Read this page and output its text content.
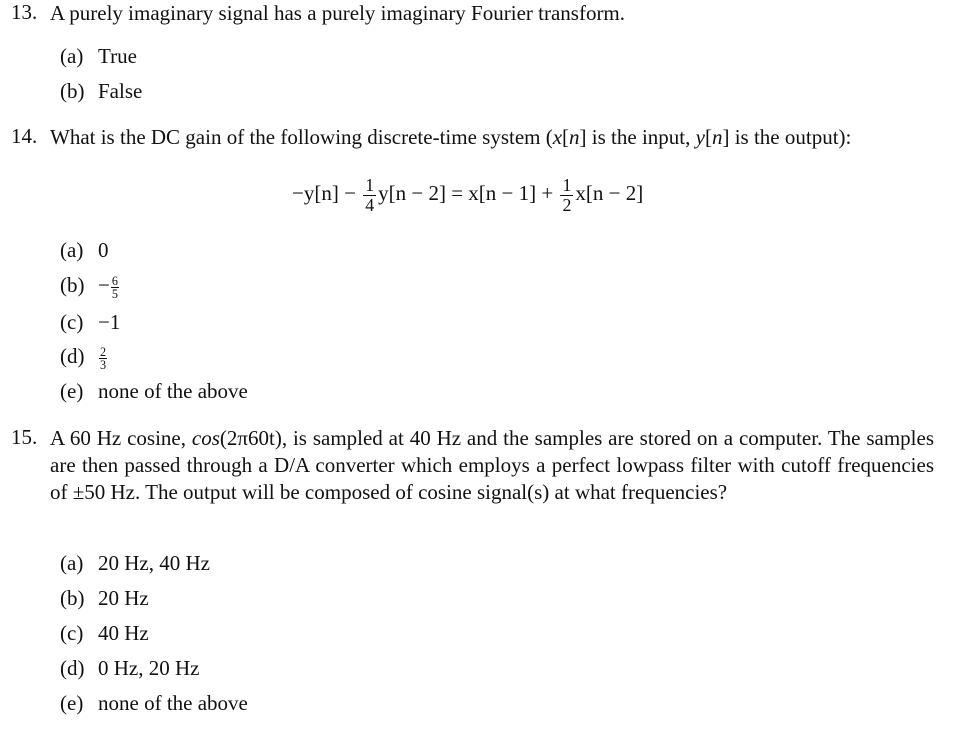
13. A purely imaginary signal has a purely imaginary Fourier transform.
(a) True
(b) False
14. What is the DC gain of the following discrete-time system (x[n] is the input, y[n] is the output):
$-y[n] - \frac{1}{4} y[n - 2] = x[n - 1] + \frac{1}{2} x[n - 2]$
(a) 0
$(b) - \frac{6}{5}$
(c) −1
$(d) \frac{2}{3}$
(e) none of the above
15. A 60 Hz cosine, cos(2π60t), is sampled at 40 Hz and the samples are stored on a computer. The samples are then passed through a D/A converter which employs a perfect lowpass filter with cutoff frequencies of ±50 Hz. The output will be composed of cosine signal(s) at what frequencies?
(a) 20 Hz, 40 Hz
(b) 20 Hz
(c) 40 Hz
(d) 0 Hz, 20 Hz
(e) none of the above
